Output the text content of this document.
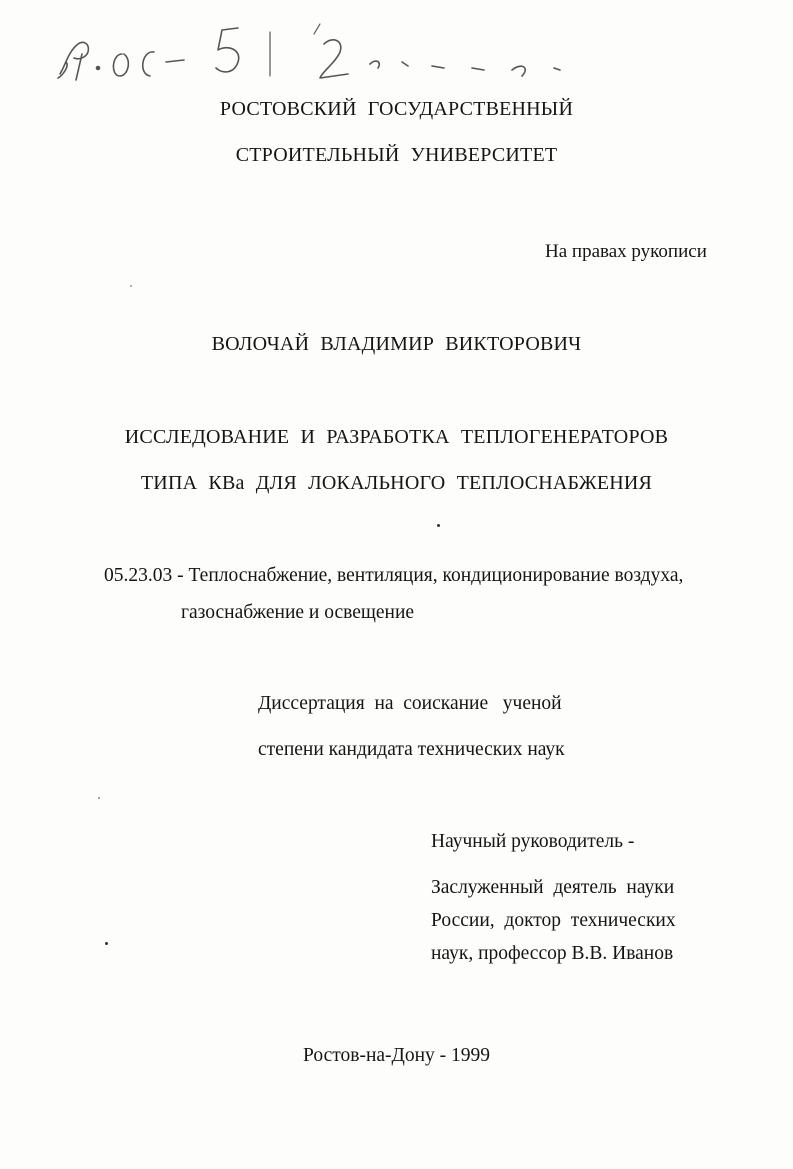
РОСТОВСКИЙ ГОСУДАРСТВЕННЫЙ
СТРОИТЕЛЬНЫЙ УНИВЕРСИТЕТ
На правах рукописи
ВОЛОЧАЙ ВЛАДИМИР ВИКТОРОВИЧ
ИССЛЕДОВАНИЕ И РАЗРАБОТКА ТЕПЛОГЕНЕРАТОРОВ
ТИПА КВа ДЛЯ ЛОКАЛЬНОГО ТЕПЛОСНАБЖЕНИЯ
05.23.03 - Теплоснабжение, вентиляция, кондиционирование воздуха,
газоснабжение и освещение
Диссертация  на  соискание   ученой
степени кандидата технических наук
Научный руководитель -
Заслуженный  деятель  науки
России,  доктор  технических
наук, профессор В.В. Иванов
Ростов-на-Дону - 1999
